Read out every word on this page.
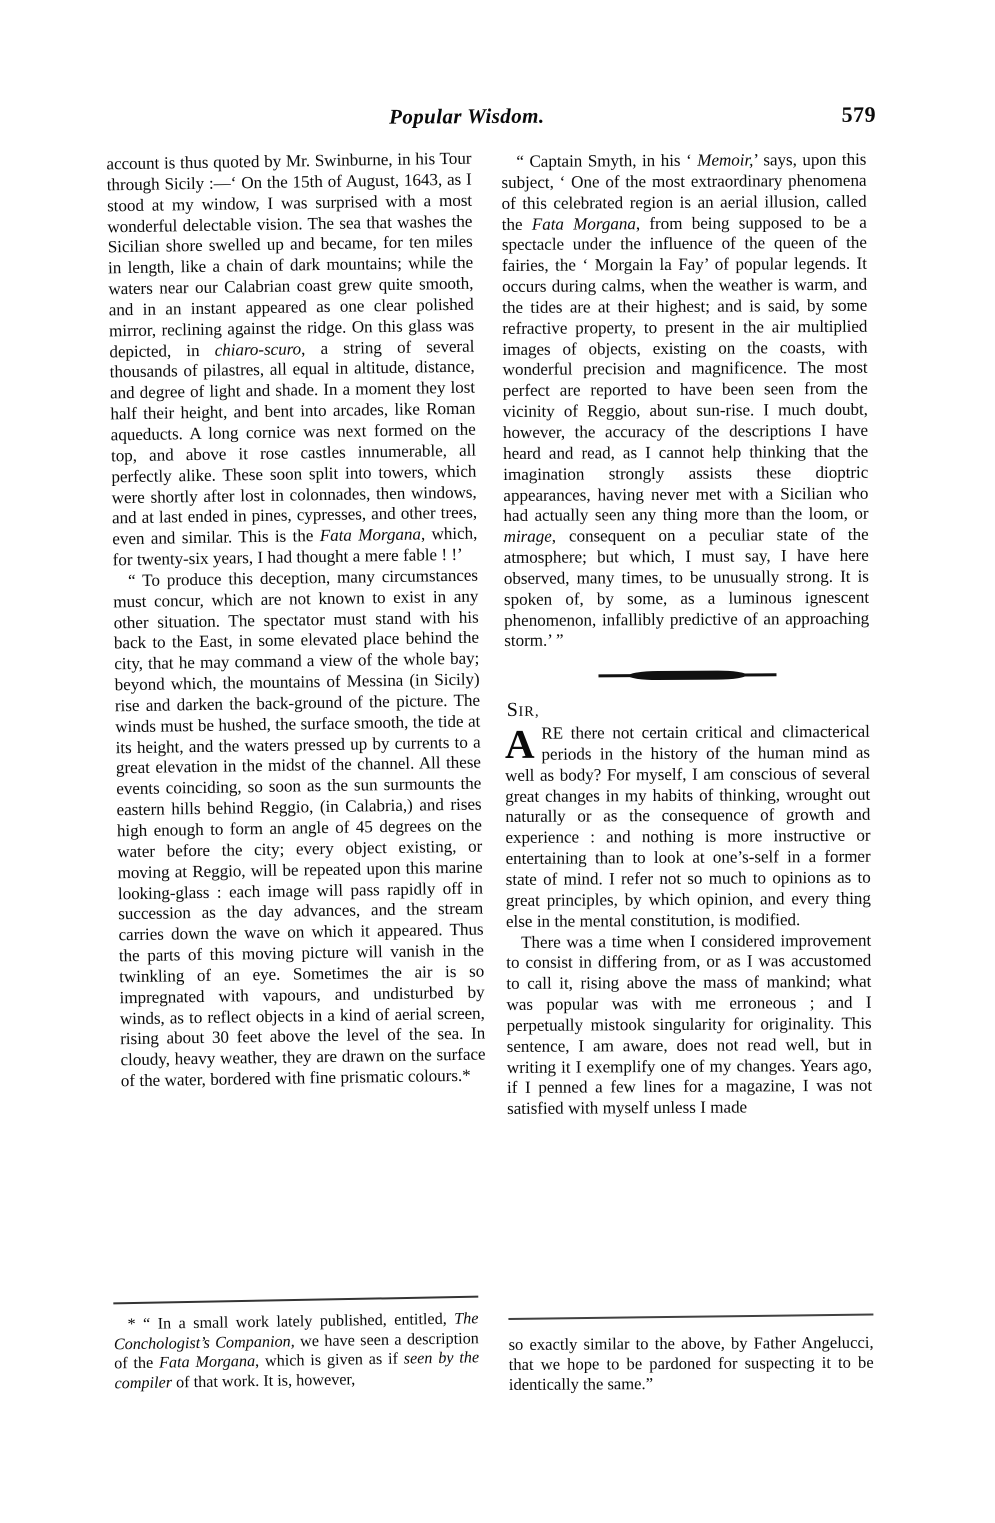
Popular Wisdom.	579

account is thus quoted by Mr. Swinburne, in his Tour through Sicily :—‘ On the 15th of August, 1643, as I stood at my window, I was surprised with a most wonderful delectable vision. The sea that washes the Sicilian shore swelled up and became, for ten miles in length, like a chain of dark mountains; while the waters near our Calabrian coast grew quite smooth, and in an instant appeared as one clear polished mirror, reclining against the ridge. On this glass was depicted, in chiaro-scuro, a string of several thousands of pilastres, all equal in altitude, distance, and degree of light and shade. In a moment they lost half their height, and bent into arcades, like Roman aqueducts. A long cornice was next formed on the top, and above it rose castles innumerable, all perfectly alike. These soon split into towers, which were shortly after lost in colonnades, then windows, and at last ended in pines, cypresses, and other trees, even and similar. This is the Fata Morgana, which, for twenty-six years, I had thought a mere fable ! !’

“ To produce this deception, many circumstances must concur, which are not known to exist in any other situation. The spectator must stand with his back to the East, in some elevated place behind the city, that he may command a view of the whole bay; beyond which, the mountains of Messina (in Sicily) rise and darken the back-ground of the picture. The winds must be hushed, the surface smooth, the tide at its height, and the waters pressed up by currents to a great elevation in the midst of the channel. All these events coinciding, so soon as the sun surmounts the eastern hills behind Reggio, (in Calabria,) and rises high enough to form an angle of 45 degrees on the water before the city; every object existing, or moving at Reggio, will be repeated upon this marine looking-glass : each image will pass rapidly off in succession as the day advances, and the stream carries down the wave on which it appeared. Thus the parts of this moving picture will vanish in the twinkling of an eye. Sometimes the air is so impregnated with vapours, and undisturbed by winds, as to reflect objects in a kind of aerial screen, rising about 30 feet above the level of the sea. In cloudy, heavy weather, they are drawn on the surface of the water, bordered with fine prismatic colours.*

* “ In a small work lately published, entitled, The Conchologist’s Companion, we have seen a description of the Fata Morgana, which is given as if seen by the compiler of that work. It is, however,

“ Captain Smyth, in his ‘ Memoir,’ says, upon this subject, ‘ One of the most extraordinary phenomena of this celebrated region is an aerial illusion, called the Fata Morgana, from being supposed to be a spectacle under the influence of the queen of the fairies, the ‘ Morgain la Fay’ of popular legends. It occurs during calms, when the weather is warm, and the tides are at their highest; and is said, by some refractive property, to present in the air multiplied images of objects, existing on the coasts, with wonderful precision and magnificence. The most perfect are reported to have been seen from the vicinity of Reggio, about sun-rise. I much doubt, however, the accuracy of the descriptions I have heard and read, as I cannot help thinking that the imagination strongly assists these dioptric appearances, having never met with a Sicilian who had actually seen any thing more than the loom, or mirage, consequent on a peculiar state of the atmosphere; but which, I must say, I have here observed, many times, to be unusually strong. It is spoken of, by some, as a luminous ignescent phenomenon, infallibly predictive of an approaching storm.’ ”

SIR,

ARE there not certain critical and climacterical periods in the history of the human mind as well as body? For myself, I am conscious of several great changes in my habits of thinking, wrought out naturally or as the consequence of growth and experience : and nothing is more instructive or entertaining than to look at one’s-self in a former state of mind. I refer not so much to opinions as to great principles, by which opinion, and every thing else in the mental constitution, is modified.

There was a time when I considered improvement to consist in differing from, or as I was accustomed to call it, rising above the mass of mankind; what was popular was with me erroneous ; and I perpetually mistook singularity for originality. This sentence, I am aware, does not read well, but in writing it I exemplify one of my changes. Years ago, if I penned a few lines for a magazine, I was not satisfied with myself unless I made

so exactly similar to the above, by Father Angelucci, that we hope to be pardoned for suspecting it to be identically the same.”
